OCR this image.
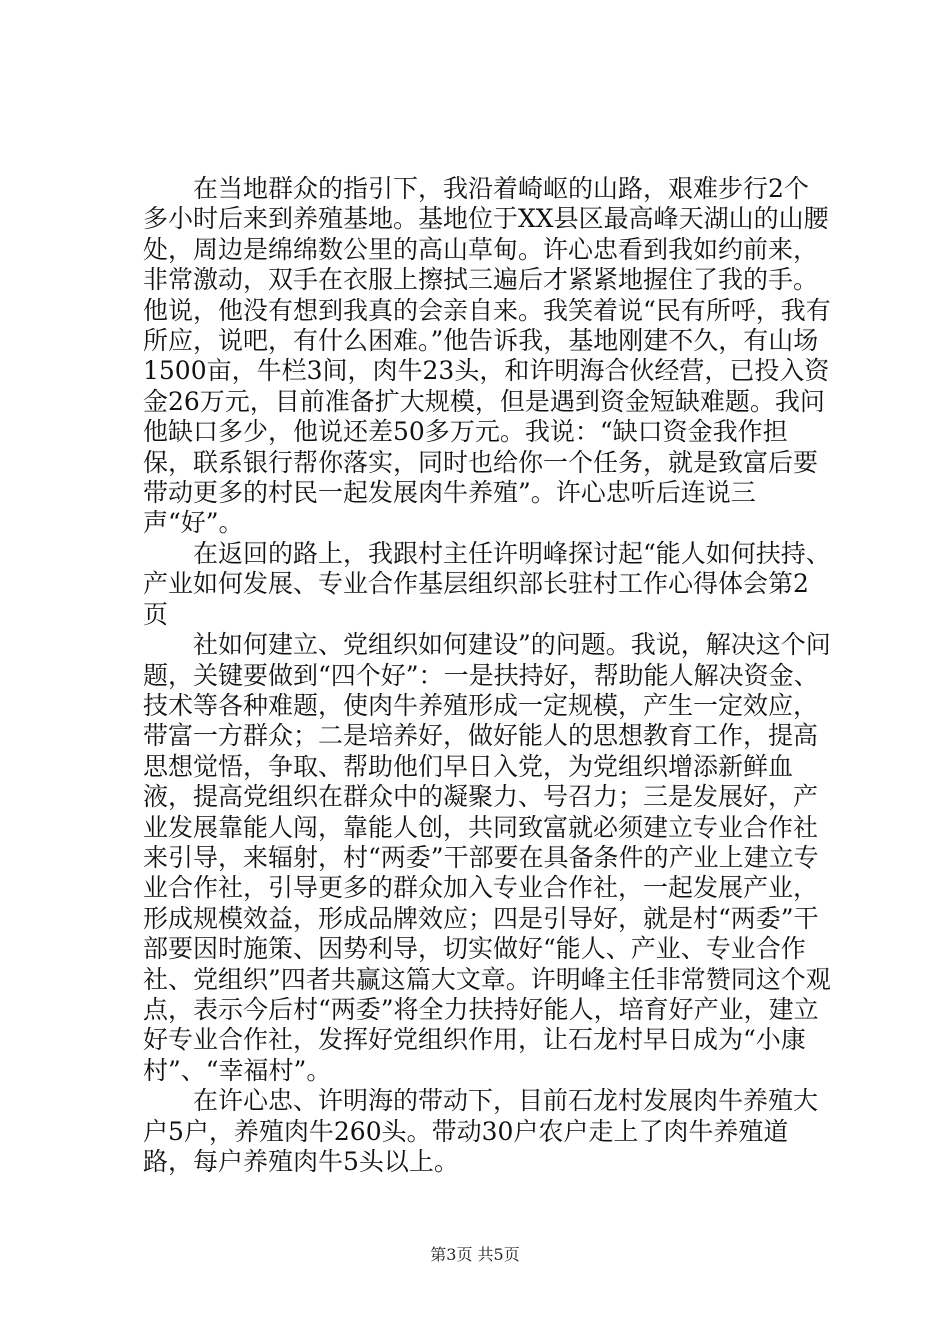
在当地群众的指引下，我沿着崎岖的山路，艰难步行2个多小时后来到养殖基地。基地位于XX县区最高峰天湖山的山腰处，周边是绵绵数公里的高山草甸。许心忠看到我如约前来，非常激动，双手在衣服上擦拭三遍后才紧紧地握住了我的手。他说，他没有想到我真的会亲自来。我笑着说“民有所呼，我有所应，说吧，有什么困难。”他告诉我，基地刚建不久，有山场1500亩，牛栏3间，肉牛23头，和许明海合伙经营，已投入资金26万元，目前准备扩大规模，但是遇到资金短缺难题。我问他缺口多少，他说还差50多万元。我说：“缺口资金我作担保，联系银行帮你落实，同时也给你一个任务，就是致富后要带动更多的村民一起发展肉牛养殖”。许心忠听后连说三声“好”。

在返回的路上，我跟村主任许明峰探讨起“能人如何扶持、产业如何发展、专业合作基层组织部长驻村工作心得体会第2页

社如何建立、党组织如何建设”的问题。我说，解决这个问题，关键要做到“四个好”：一是扶持好，帮助能人解决资金、技术等各种难题，使肉牛养殖形成一定规模，产生一定效应，带富一方群众；二是培养好，做好能人的思想教育工作，提高思想觉悟，争取、帮助他们早日入党，为党组织增添新鲜血液，提高党组织在群众中的凝聚力、号召力；三是发展好，产业发展靠能人闯，靠能人创，共同致富就必须建立专业合作社来引导，来辐射，村“两委”干部要在具备条件的产业上建立专业合作社，引导更多的群众加入专业合作社，一起发展产业，形成规模效益，形成品牌效应；四是引导好，就是村“两委”干部要因时施策、因势利导，切实做好“能人、产业、专业合作社、党组织”四者共赢这篇大文章。许明峰主任非常赞同这个观点，表示今后村“两委”将全力扶持好能人，培育好产业，建立好专业合作社，发挥好党组织作用，让石龙村早日成为“小康村”、“幸福村”。

在许心忠、许明海的带动下，目前石龙村发展肉牛养殖大户5户，养殖肉牛260头。带动30户农户走上了肉牛养殖道路，每户养殖肉牛5头以上。

第3页 共5页
